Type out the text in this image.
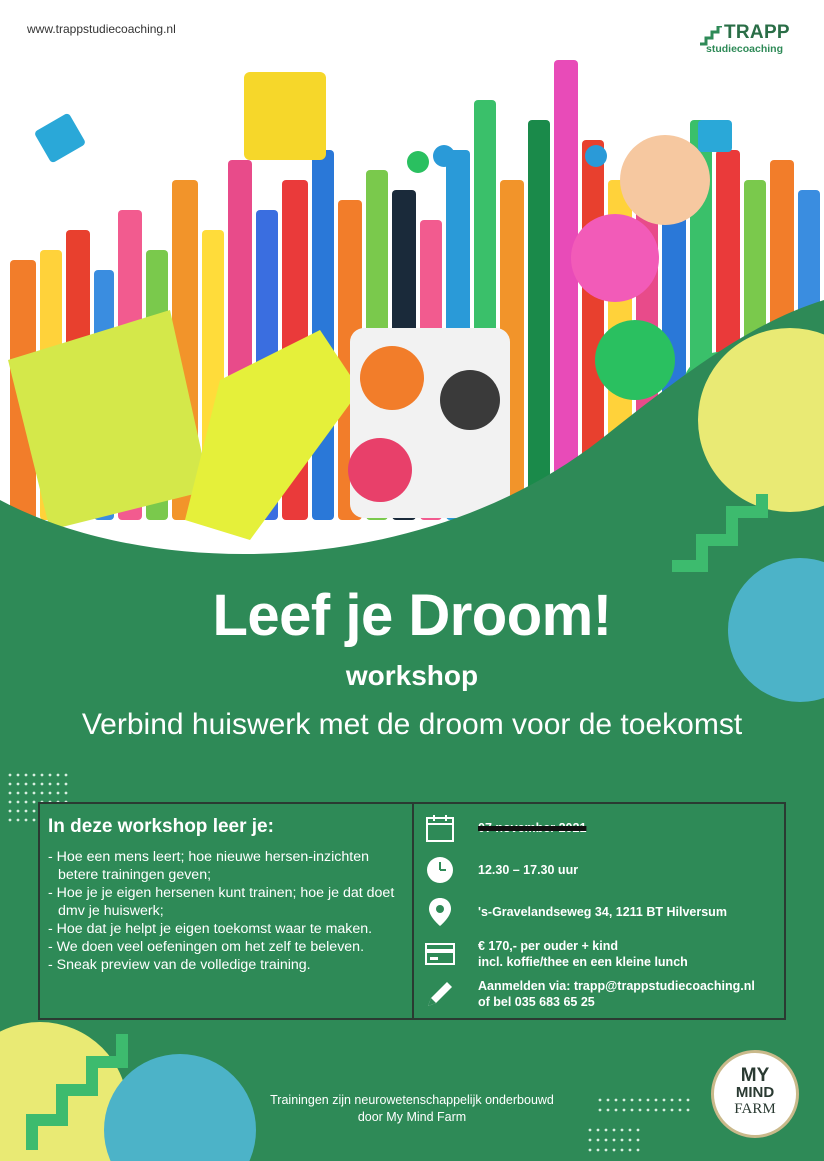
www.trappstudiecoaching.nl	TRAPP
studiecoaching
Leef je Droom!
workshop
Verbind huiswerk met de droom voor de toekomst
In deze workshop leer je:
- Hoe een mens leert; hoe nieuwe hersen-inzichten betere trainingen geven;
- Hoe je je eigen hersenen kunt trainen; hoe je dat doet dmv je huiswerk;
- Hoe dat je helpt je eigen toekomst waar te maken.
- We doen veel oefeningen om het zelf te beleven.
- Sneak preview van de volledige training.
07 november 2021
12.30 – 17.30 uur
's-Gravelandseweg 34, 1211 BT Hilversum
€ 170,- per ouder + kind
incl. koffie/thee en een kleine lunch
Aanmelden via: trapp@trappstudiecoaching.nl
of bel 035 683 65 25
Trainingen zijn neurowetenschappelijk onderbouwd
door My Mind Farm
MY
MIND
FARM
